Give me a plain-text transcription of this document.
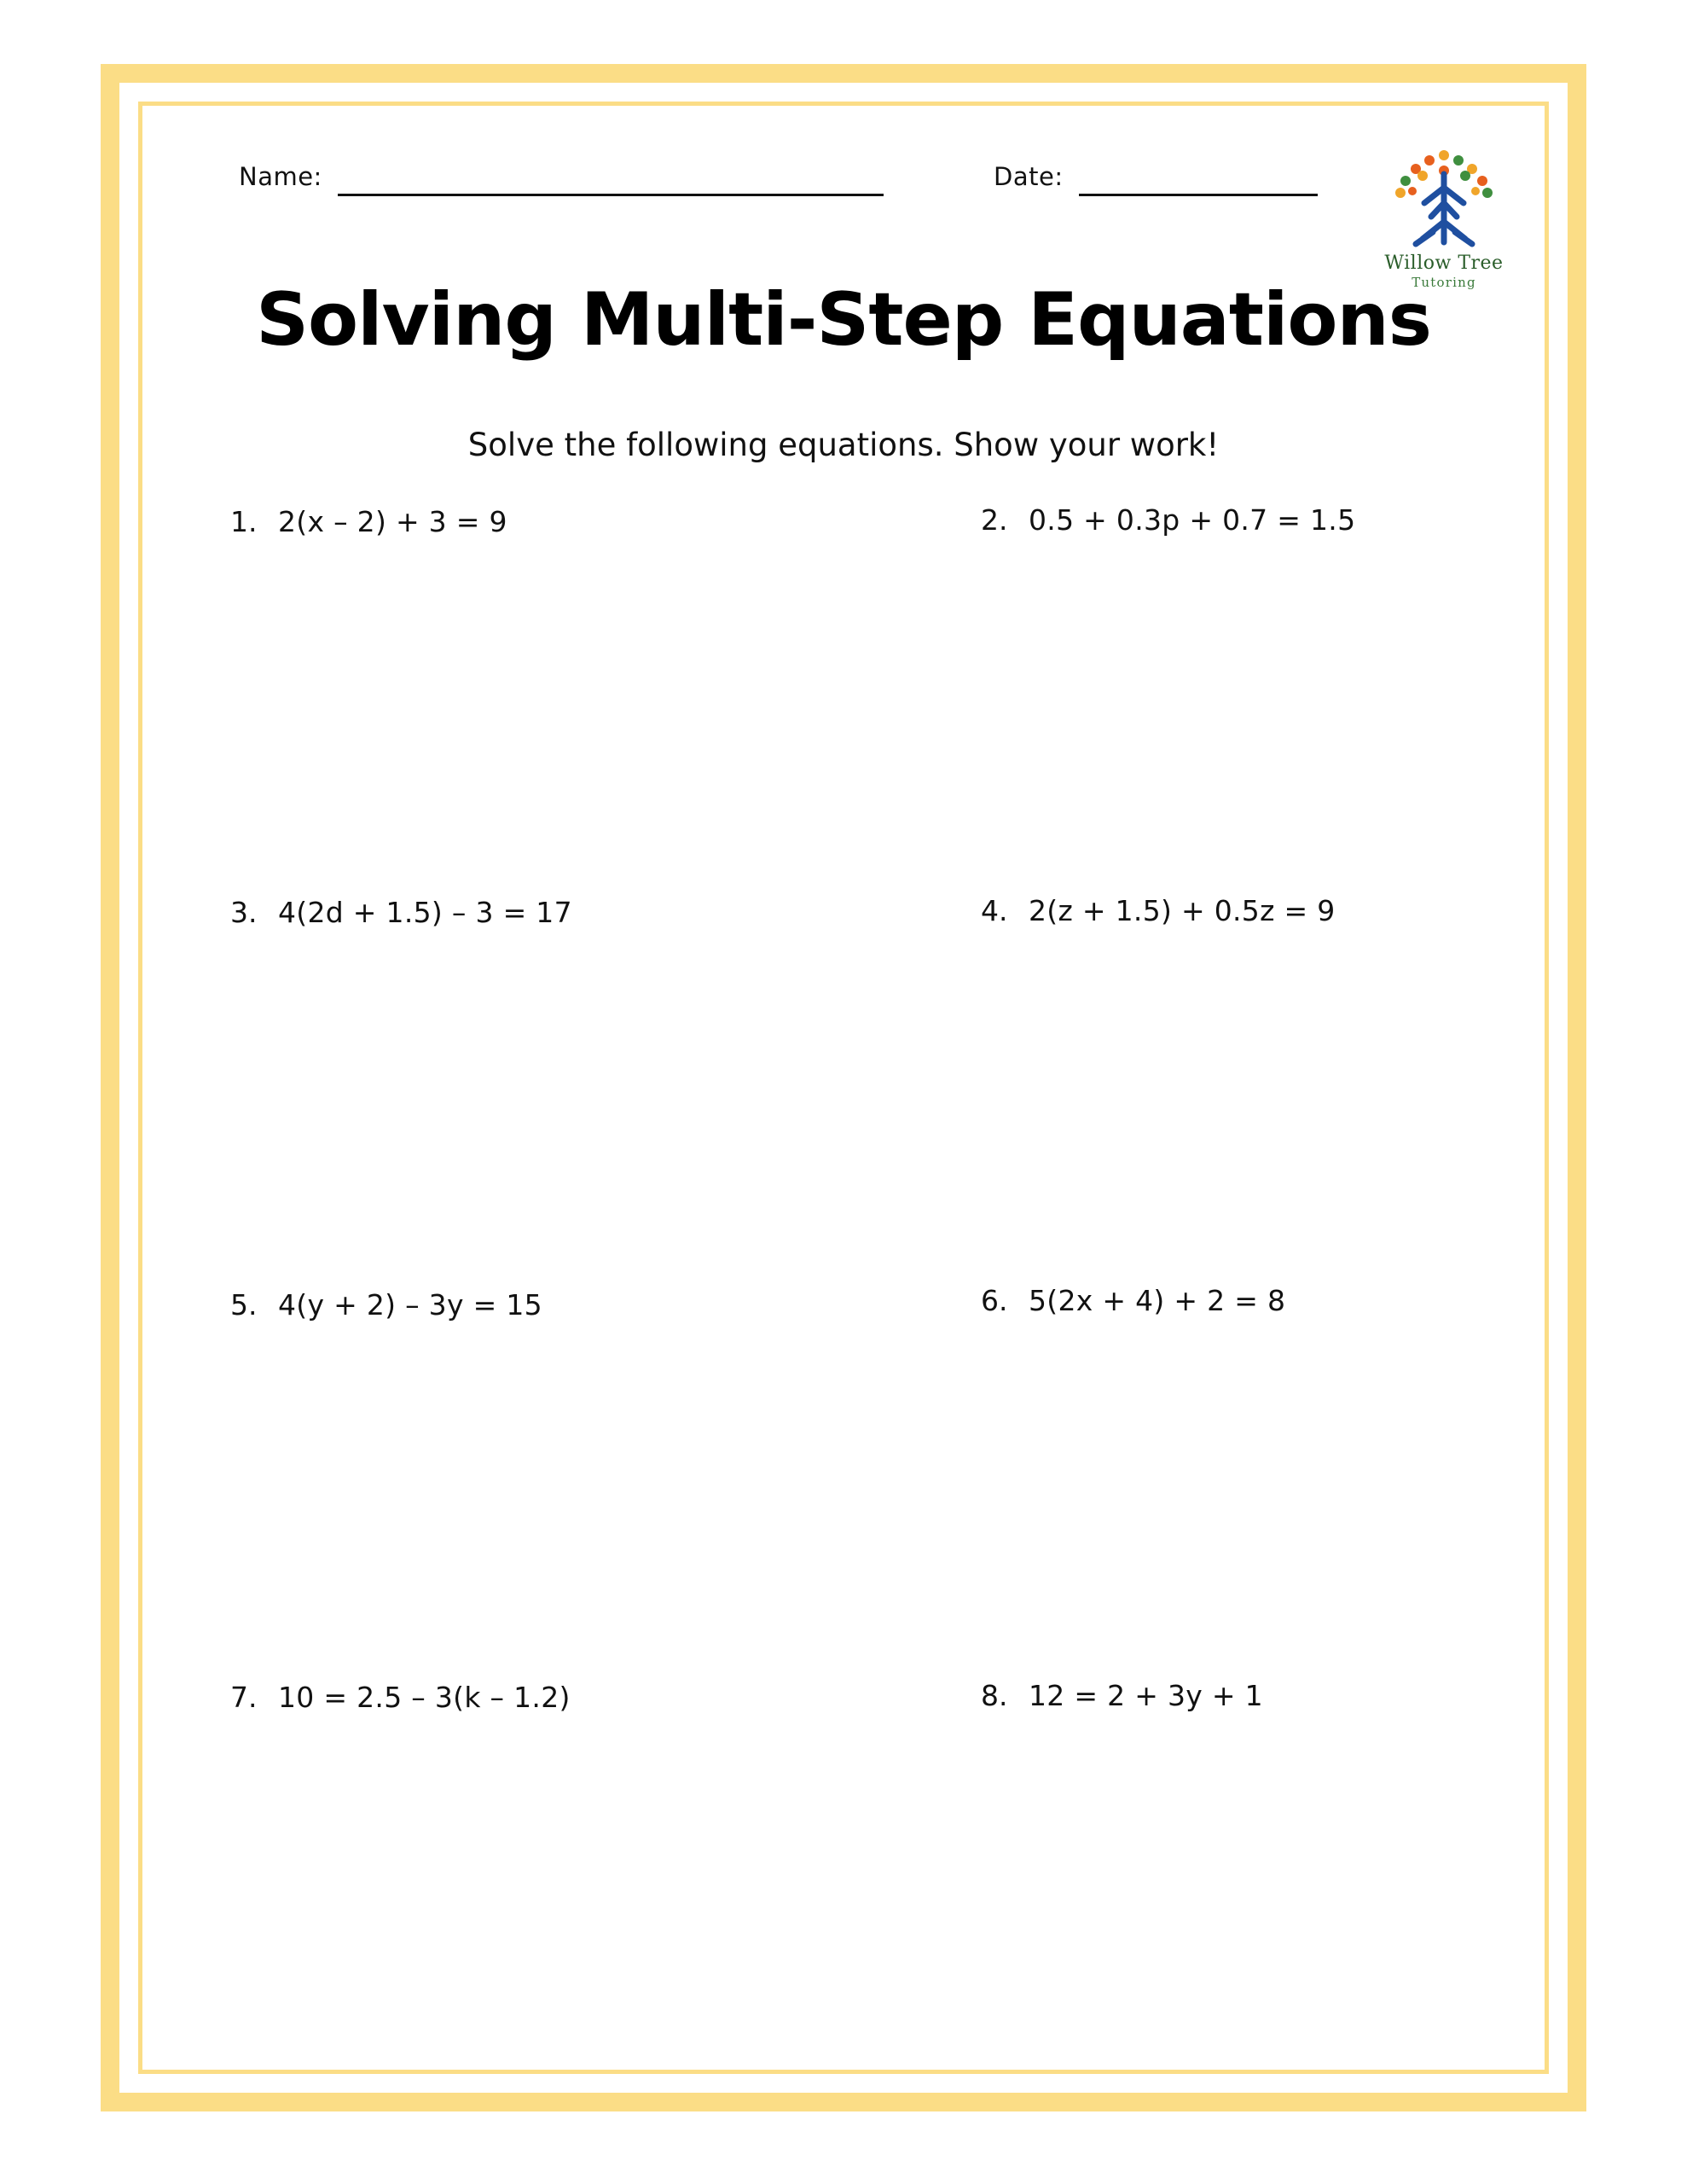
Name:	Date:
Willow Tree
Tutoring
Solving Multi-Step Equations
Solve the following equations. Show your work!
1. 2(x – 2) + 3 = 9	2. 0.5 + 0.3p + 0.7 = 1.5
3. 4(2d + 1.5) – 3 = 17	4. 2(z + 1.5) + 0.5z = 9
5. 4(y + 2) – 3y = 15	6. 5(2x + 4) + 2 = 8
7. 10 = 2.5 – 3(k – 1.2)	8. 12 = 2 + 3y + 1
